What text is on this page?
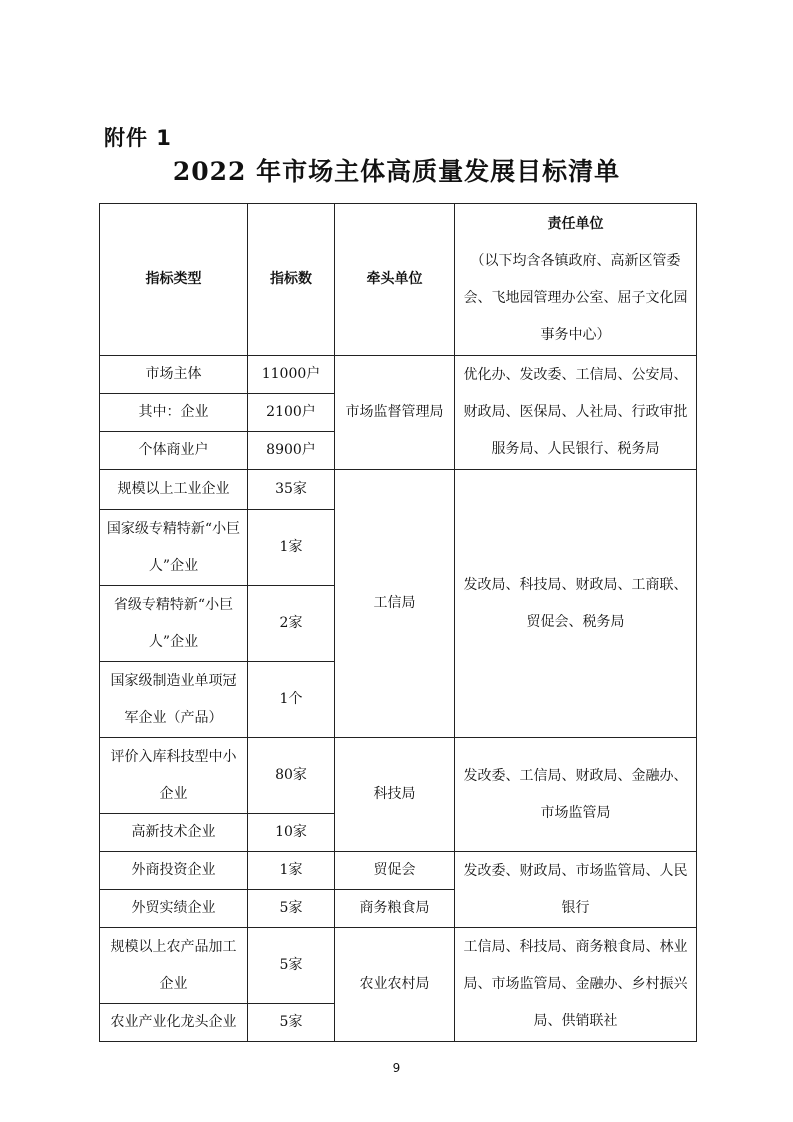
附件 1
2022 年市场主体高质量发展目标清单
指标类型	指标数	牵头单位	责任单位
（以下均含各镇政府、高新区管委会、飞地园管理办公室、屈子文化园事务中心）

市场主体	11000户	市场监督管理局	优化办、发改委、工信局、公安局、财政局、医保局、人社局、行政审批服务局、人民银行、税务局
其中：企业	2100户		
个体商业户	8900户		
规模以上工业企业	35家	工信局	发改局、科技局、财政局、工商联、贸促会、税务局
国家级专精特新“小巨人”企业	1家		
省级专精特新“小巨人”企业	2家		
国家级制造业单项冠军企业（产品）	1个		
评价入库科技型中小企业	80家	科技局	发改委、工信局、财政局、金融办、市场监管局
高新技术企业	10家		
外商投资企业	1家	贸促会	发改委、财政局、市场监管局、人民银行
外贸实绩企业	5家	商务粮食局	
规模以上农产品加工企业	5家	农业农村局	工信局、科技局、商务粮食局、林业局、市场监管局、金融办、乡村振兴局、供销联社
农业产业化龙头企业	5家		
9
